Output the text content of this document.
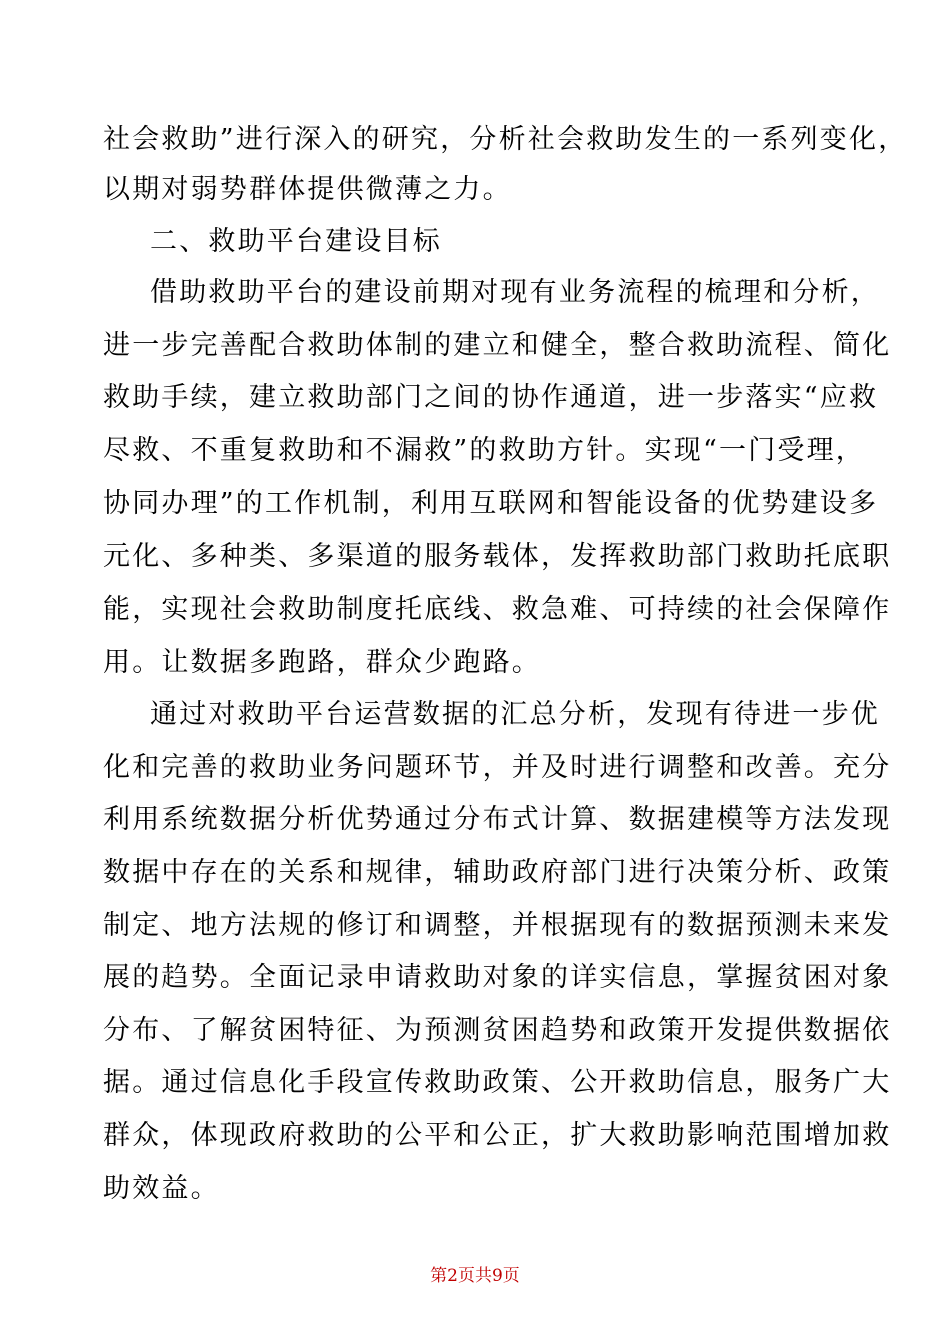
社会救助”进行深入的研究，分析社会救助发生的一系列变化，
以期对弱势群体提供微薄之力。
二、救助平台建设目标
借助救助平台的建设前期对现有业务流程的梳理和分析，
进一步完善配合救助体制的建立和健全，整合救助流程、简化
救助手续，建立救助部门之间的协作通道，进一步落实“应救
尽救、不重复救助和不漏救”的救助方针。实现“一门受理，
协同办理”的工作机制，利用互联网和智能设备的优势建设多
元化、多种类、多渠道的服务载体，发挥救助部门救助托底职
能，实现社会救助制度托底线、救急难、可持续的社会保障作
用。让数据多跑路，群众少跑路。
通过对救助平台运营数据的汇总分析，发现有待进一步优
化和完善的救助业务问题环节，并及时进行调整和改善。充分
利用系统数据分析优势通过分布式计算、数据建模等方法发现
数据中存在的关系和规律，辅助政府部门进行决策分析、政策
制定、地方法规的修订和调整，并根据现有的数据预测未来发
展的趋势。全面记录申请救助对象的详实信息，掌握贫困对象
分布、了解贫困特征、为预测贫困趋势和政策开发提供数据依
据。通过信息化手段宣传救助政策、公开救助信息，服务广大
群众，体现政府救助的公平和公正，扩大救助影响范围增加救
助效益。
第2页共9页
